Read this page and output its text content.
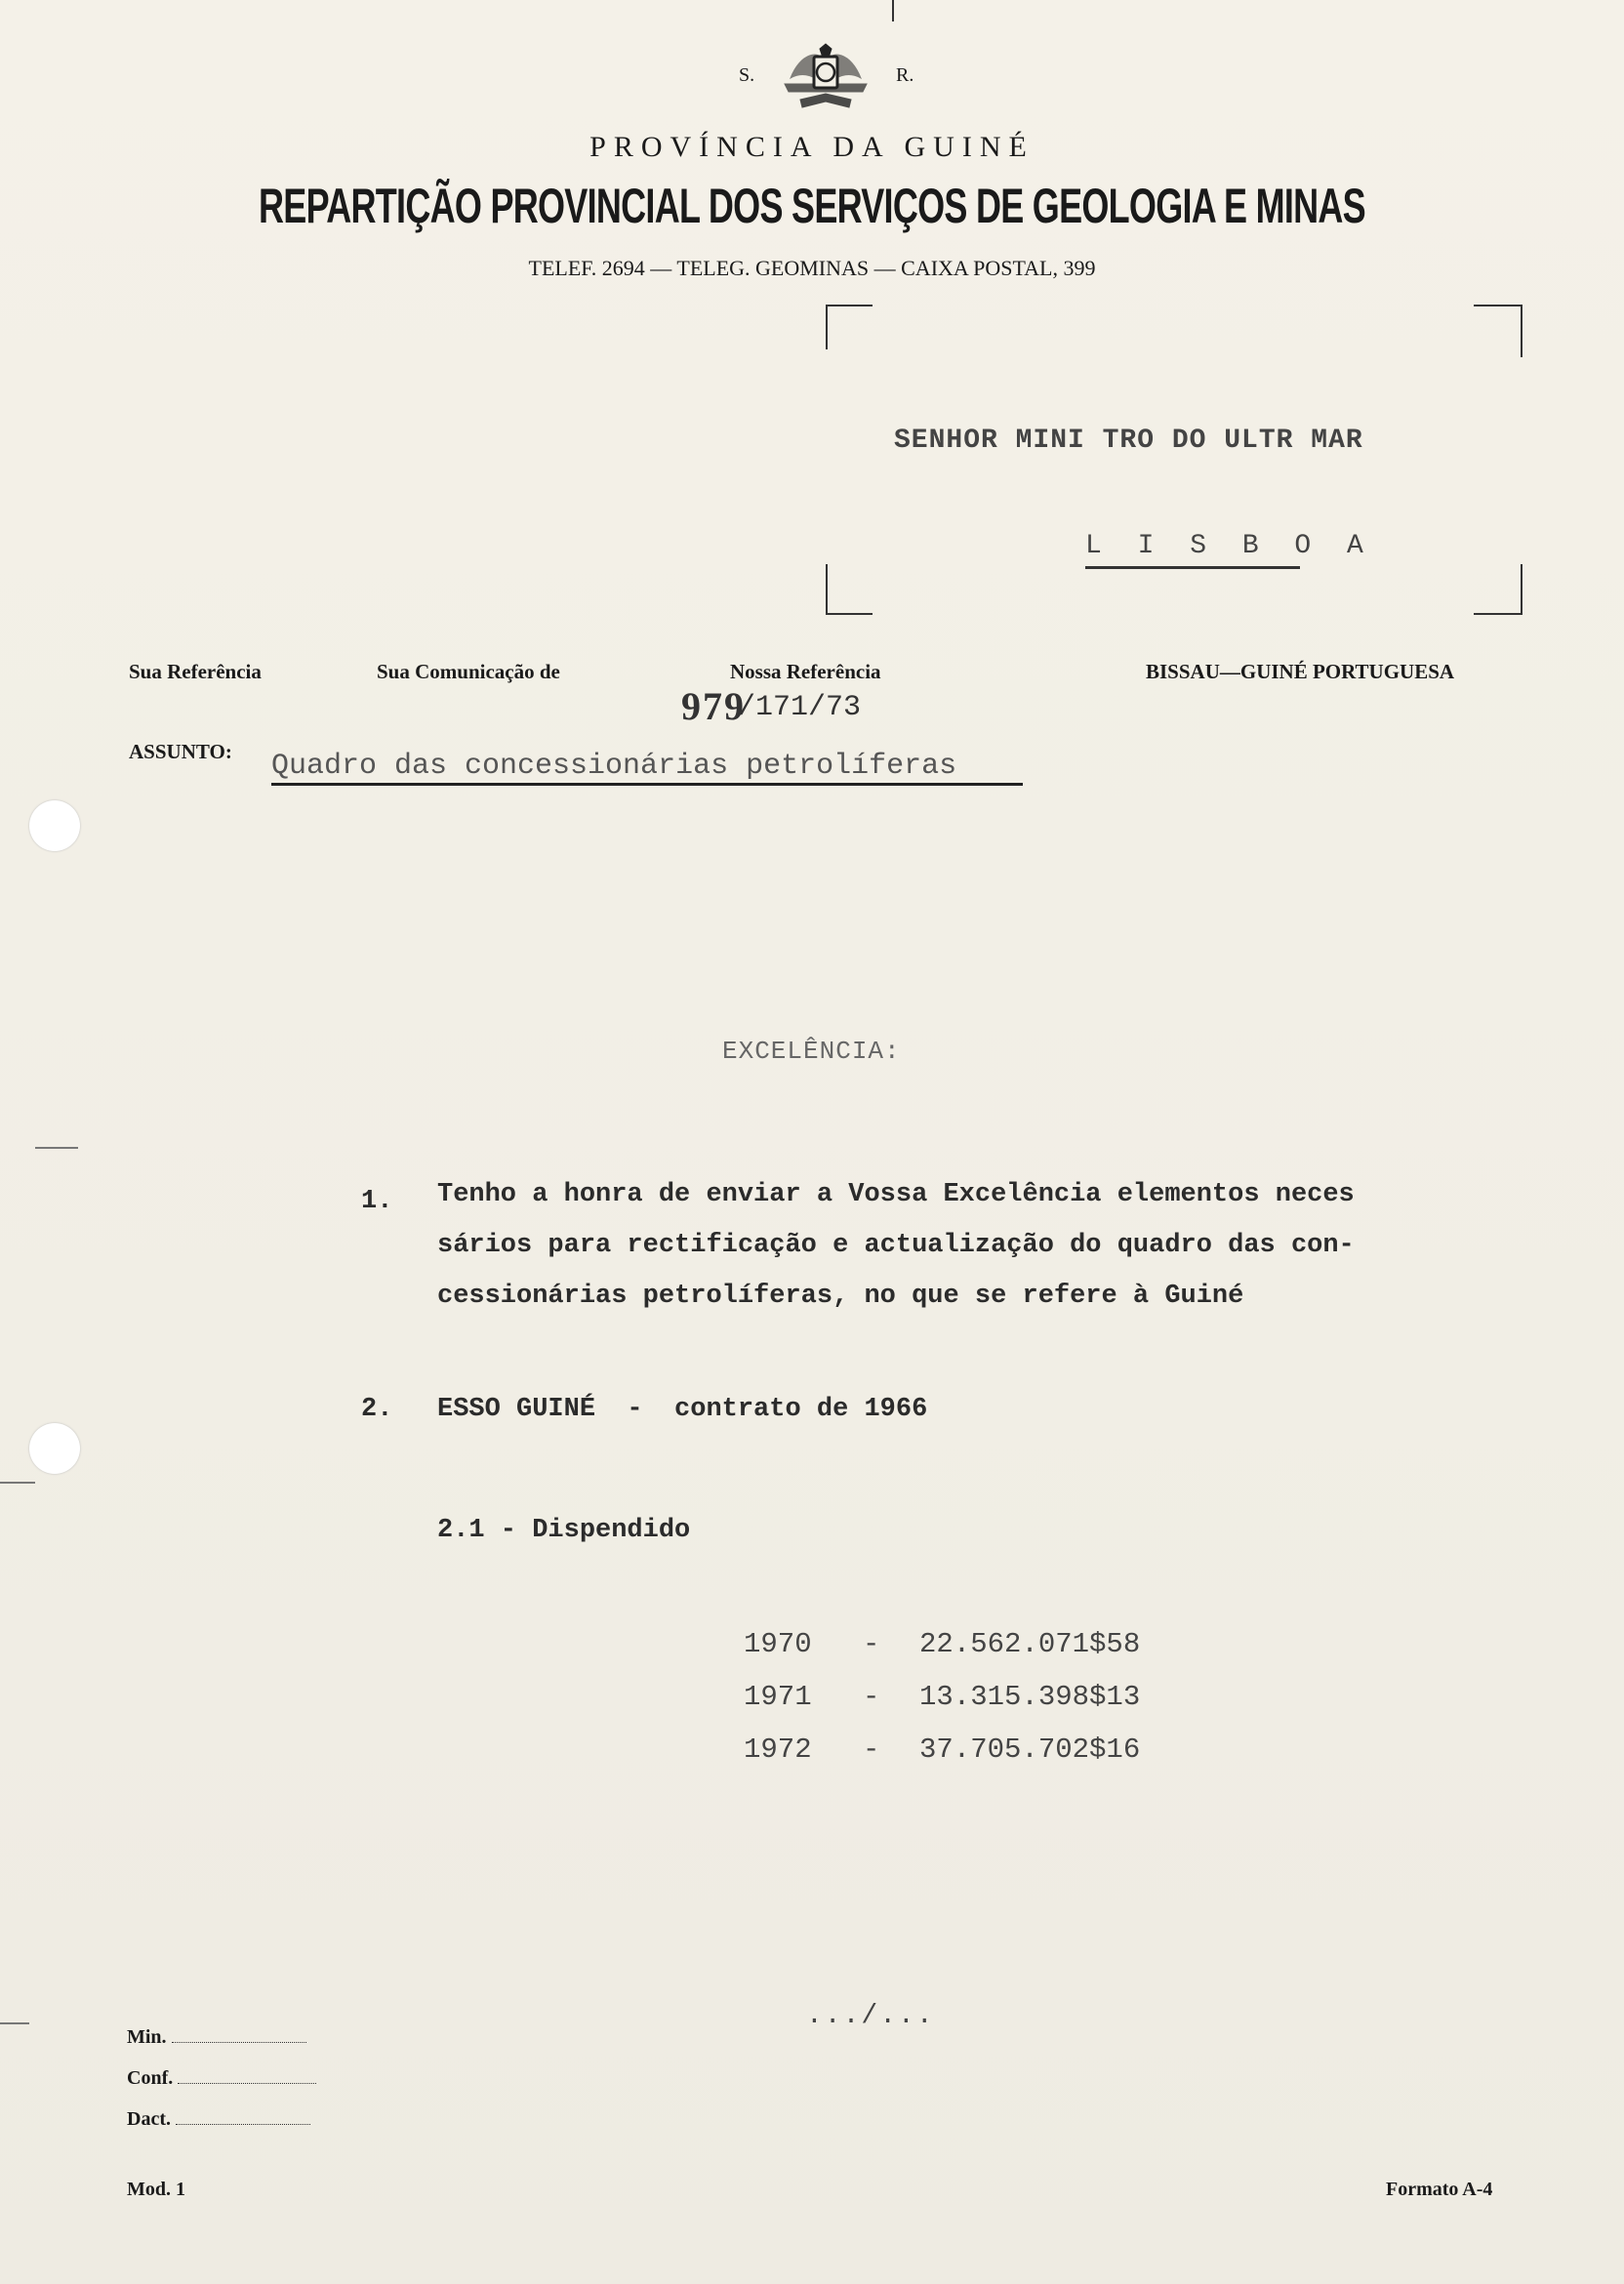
S.	R.
PROVÍNCIA DA GUINÉ
REPARTIÇÃO PROVINCIAL DOS SERVIÇOS DE GEOLOGIA E MINAS
TELEF. 2694 — TELEG. GEOMINAS — CAIXA POSTAL, 399
SENHOR MINI TRO DO ULTR MAR
L I S B O A
Sua Referência	Sua Comunicação de	Nossa Referência	BISSAU—GUINÉ PORTUGUESA
979
/171/73
ASSUNTO: Quadro das concessionárias petrolíferas
EXCELÊNCIA:
1. Tenho a honra de enviar a Vossa Excelência elementos neces
sários para rectificação e actualização do quadro das con-
cessionárias petrolíferas, no que se refere à Guiné
2. ESSO GUINÉ  -  contrato de 1966
2.1 - Dispendido
1970 - 22.562.071$58
1971 - 13.315.398$13
1972 - 37.705.702$16
.../...
Min.
Conf.
Dact.
Mod. 1	Formato A-4
